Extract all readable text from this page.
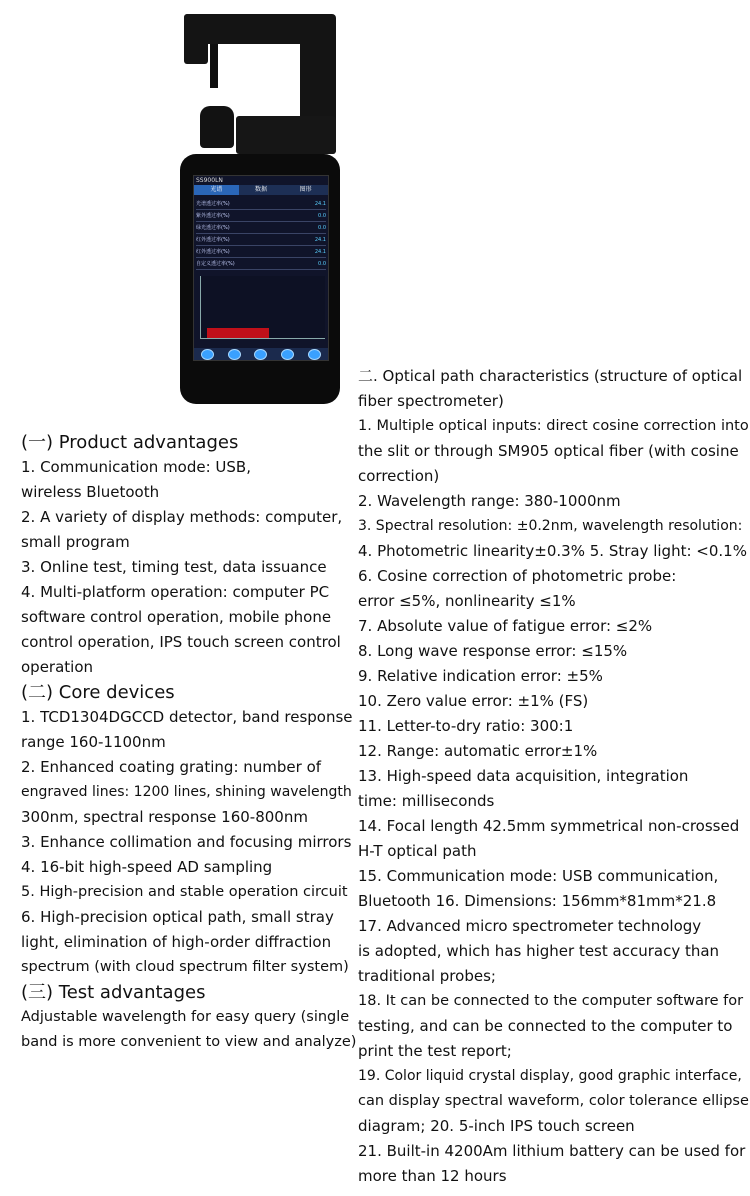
SS900LN
光谱	数据	图形
光谱透过率(%)	24.1
紫外透过率(%)	0.0
绿光透过率(%)	0.0
红外透过率(%)	24.1
红外透过率(%)	24.1
自定义透过率(%)	0.0
(一) Product advantages
1. Communication mode: USB,
wireless Bluetooth
2. A variety of display methods: computer,
small program
3. Online test, timing test, data issuance
4. Multi-platform operation: computer PC
software control operation, mobile phone
control operation, IPS touch screen control
operation
(二) Core devices
1. TCD1304DGCCD detector, band response
range 160-1100nm
2. Enhanced coating grating: number of
engraved lines: 1200 lines, shining wavelength
300nm, spectral response 160-800nm
3. Enhance collimation and focusing mirrors
4. 16-bit high-speed AD sampling
5. High-precision and stable operation circuit
6. High-precision optical path, small stray
light, elimination of high-order diffraction
spectrum (with cloud spectrum filter system)
(三) Test advantages
Adjustable wavelength for easy query (single
band is more convenient to view and analyze)
二. Optical path characteristics (structure of optical
fiber spectrometer)
1. Multiple optical inputs: direct cosine correction into
the slit or through SM905 optical fiber (with cosine
correction)
2. Wavelength range: 380-1000nm
3. Spectral resolution: ±0.2nm, wavelength resolution:
4. Photometric linearity±0.3% 5. Stray light: <0.1%
6. Cosine correction of photometric probe:
error ≤5%, nonlinearity ≤1%
7. Absolute value of fatigue error: ≤2%
8. Long wave response error: ≤15%
9. Relative indication error: ±5%
10. Zero value error: ±1% (FS)
11. Letter-to-dry ratio: 300:1
12. Range: automatic error±1%
13. High-speed data acquisition, integration
time: milliseconds
14. Focal length 42.5mm symmetrical non-crossed
H-T optical path
15. Communication mode: USB communication,
Bluetooth 16. Dimensions: 156mm*81mm*21.8
17. Advanced micro spectrometer technology
is adopted, which has higher test accuracy than
traditional probes;
18. It can be connected to the computer software for
testing, and can be connected to the computer to
print the test report;
19. Color liquid crystal display, good graphic interface,
can display spectral waveform, color tolerance ellipse
diagram; 20. 5-inch IPS touch screen
21. Built-in 4200Am lithium battery can be used for
more than 12 hours
